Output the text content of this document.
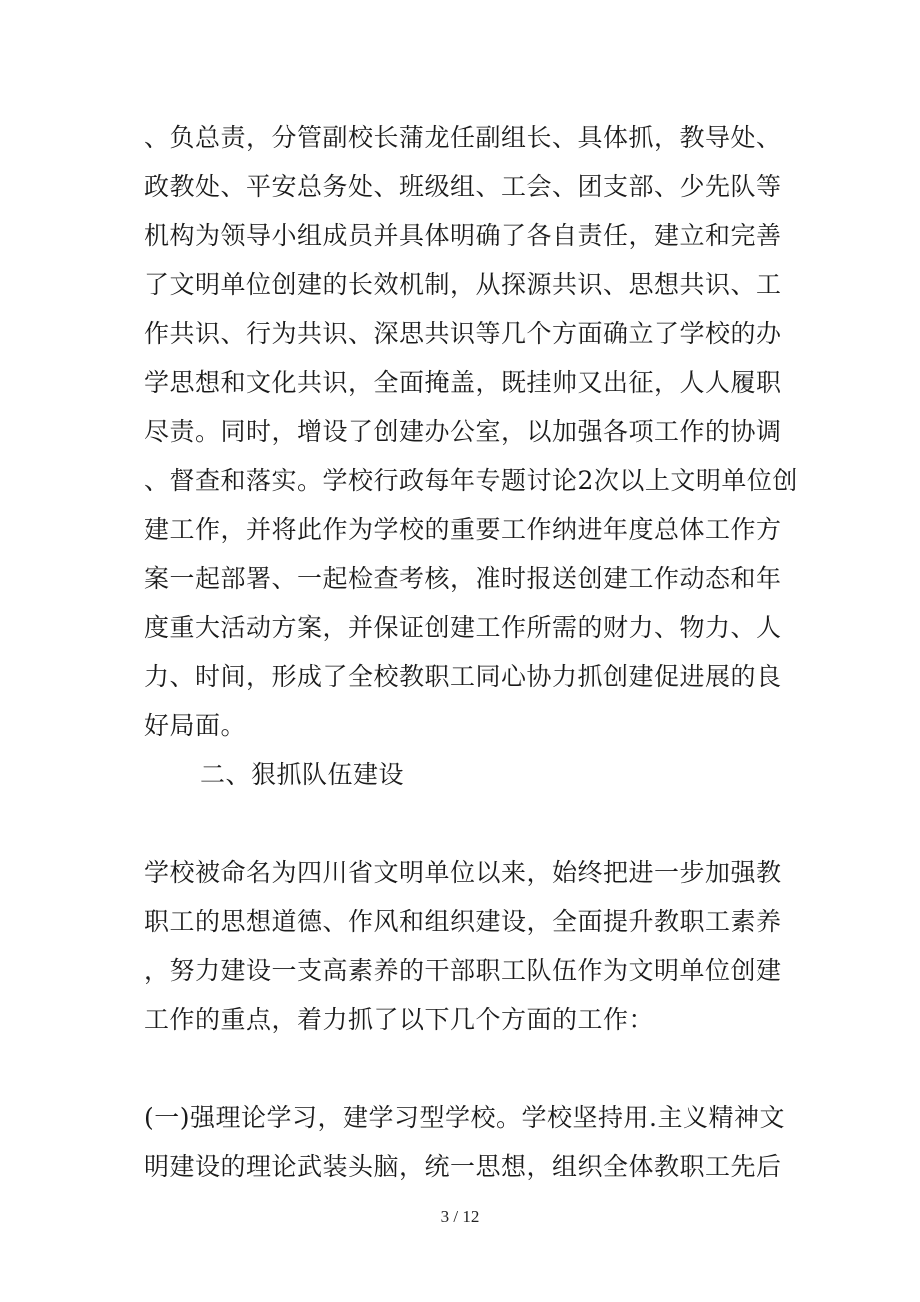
、负总责，分管副校长蒲龙任副组长、具体抓，教导处、
政教处、平安总务处、班级组、工会、团支部、少先队等
机构为领导小组成员并具体明确了各自责任，建立和完善
了文明单位创建的长效机制，从探源共识、思想共识、工
作共识、行为共识、深思共识等几个方面确立了学校的办
学思想和文化共识，全面掩盖，既挂帅又出征，人人履职
尽责。同时，增设了创建办公室，以加强各项工作的协调
、督查和落实。学校行政每年专题讨论2次以上文明单位创
建工作，并将此作为学校的重要工作纳进年度总体工作方
案一起部署、一起检查考核，准时报送创建工作动态和年
度重大活动方案，并保证创建工作所需的财力、物力、人
力、时间，形成了全校教职工同心协力抓创建促进展的良
好局面。
二、狠抓队伍建设
学校被命名为四川省文明单位以来，始终把进一步加强教
职工的思想道德、作风和组织建设，全面提升教职工素养
，努力建设一支高素养的干部职工队伍作为文明单位创建
工作的重点，着力抓了以下几个方面的工作：
(一)强理论学习，建学习型学校。学校坚持用.主义精神文
明建设的理论武装头脑，统一思想，组织全体教职工先后
3 / 12
